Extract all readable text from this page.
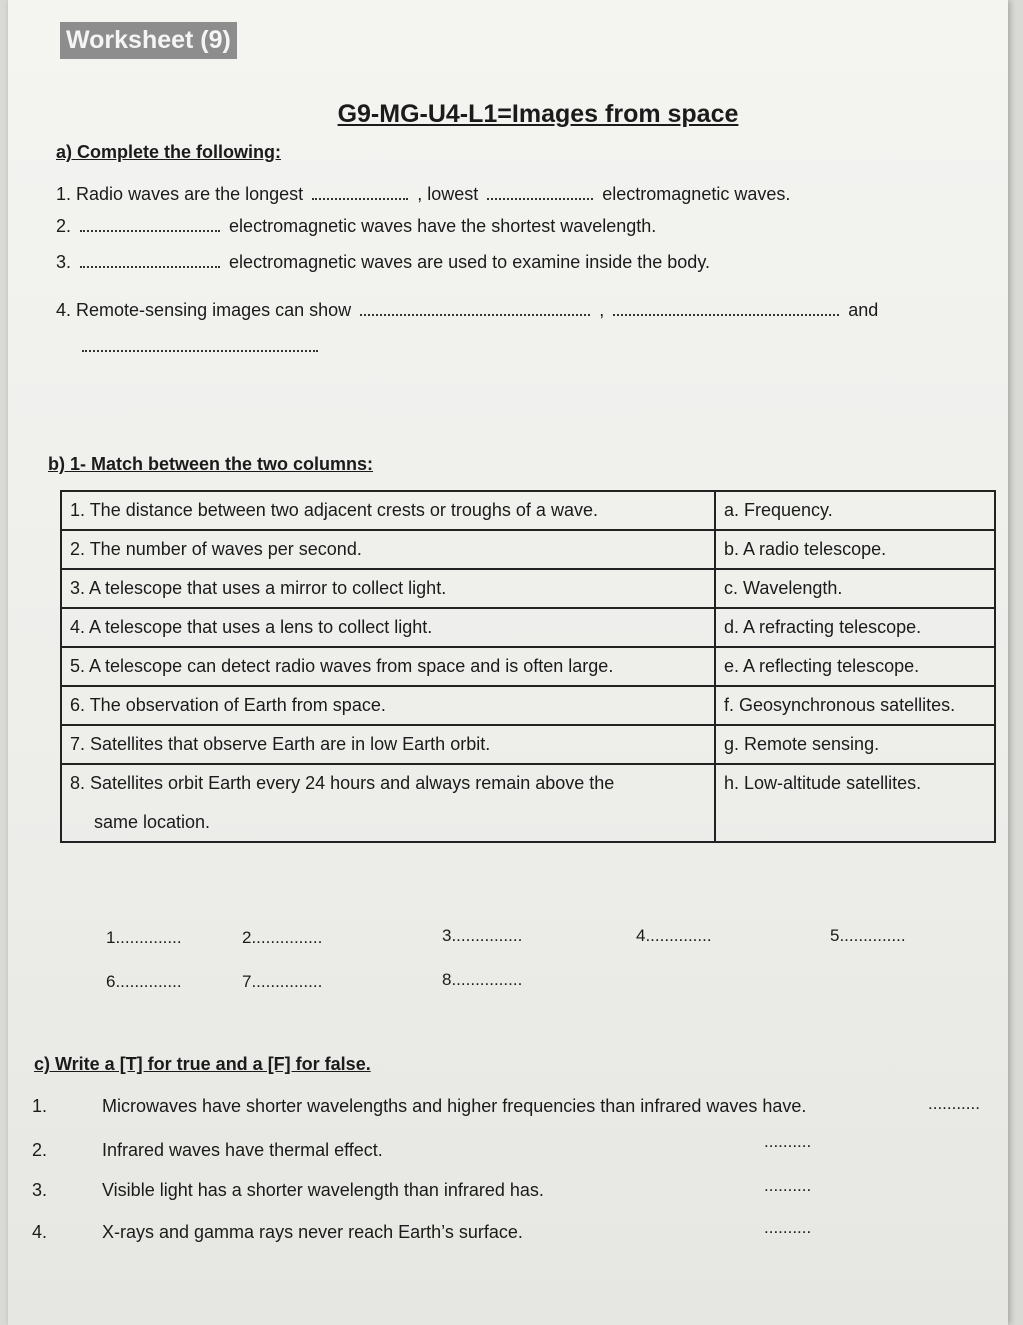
Worksheet (9)
G9-MG-U4-L1=Images from space
a) Complete the following:
1. Radio waves are the longest	, lowest	electromagnetic waves.
2.	electromagnetic waves have the shortest wavelength.
3.	electromagnetic waves are used to examine inside the body.
4. Remote-sensing images can show	,	and
b) 1- Match between the two columns:
1. The distance between two adjacent crests or troughs of a wave.	a. Frequency.
2. The number of waves per second.	b. A radio telescope.
3. A telescope that uses a mirror to collect light.	c. Wavelength.
4. A telescope that uses a lens to collect light.	d. A refracting telescope.
5. A telescope can detect radio waves from space and is often large.	e. A reflecting telescope.
6. The observation of Earth from space.	f. Geosynchronous satellites.
7. Satellites that observe Earth are in low Earth orbit.	g. Remote sensing.

8. Satellites orbit Earth every 24 hours and always remain above the
same location.	h. Low-altitude satellites.
1..............	2...............	3...............	4..............	5..............
6..............	7...............	8...............
c) Write a [T] for true and a [F] for false.
1.	Microwaves have shorter wavelengths and higher frequencies than infrared waves have.	...........
2.	Infrared waves have thermal effect.	..........
3.	Visible light has a shorter wavelength than infrared has.	..........
4.	X-rays and gamma rays never reach Earth’s surface.	..........
